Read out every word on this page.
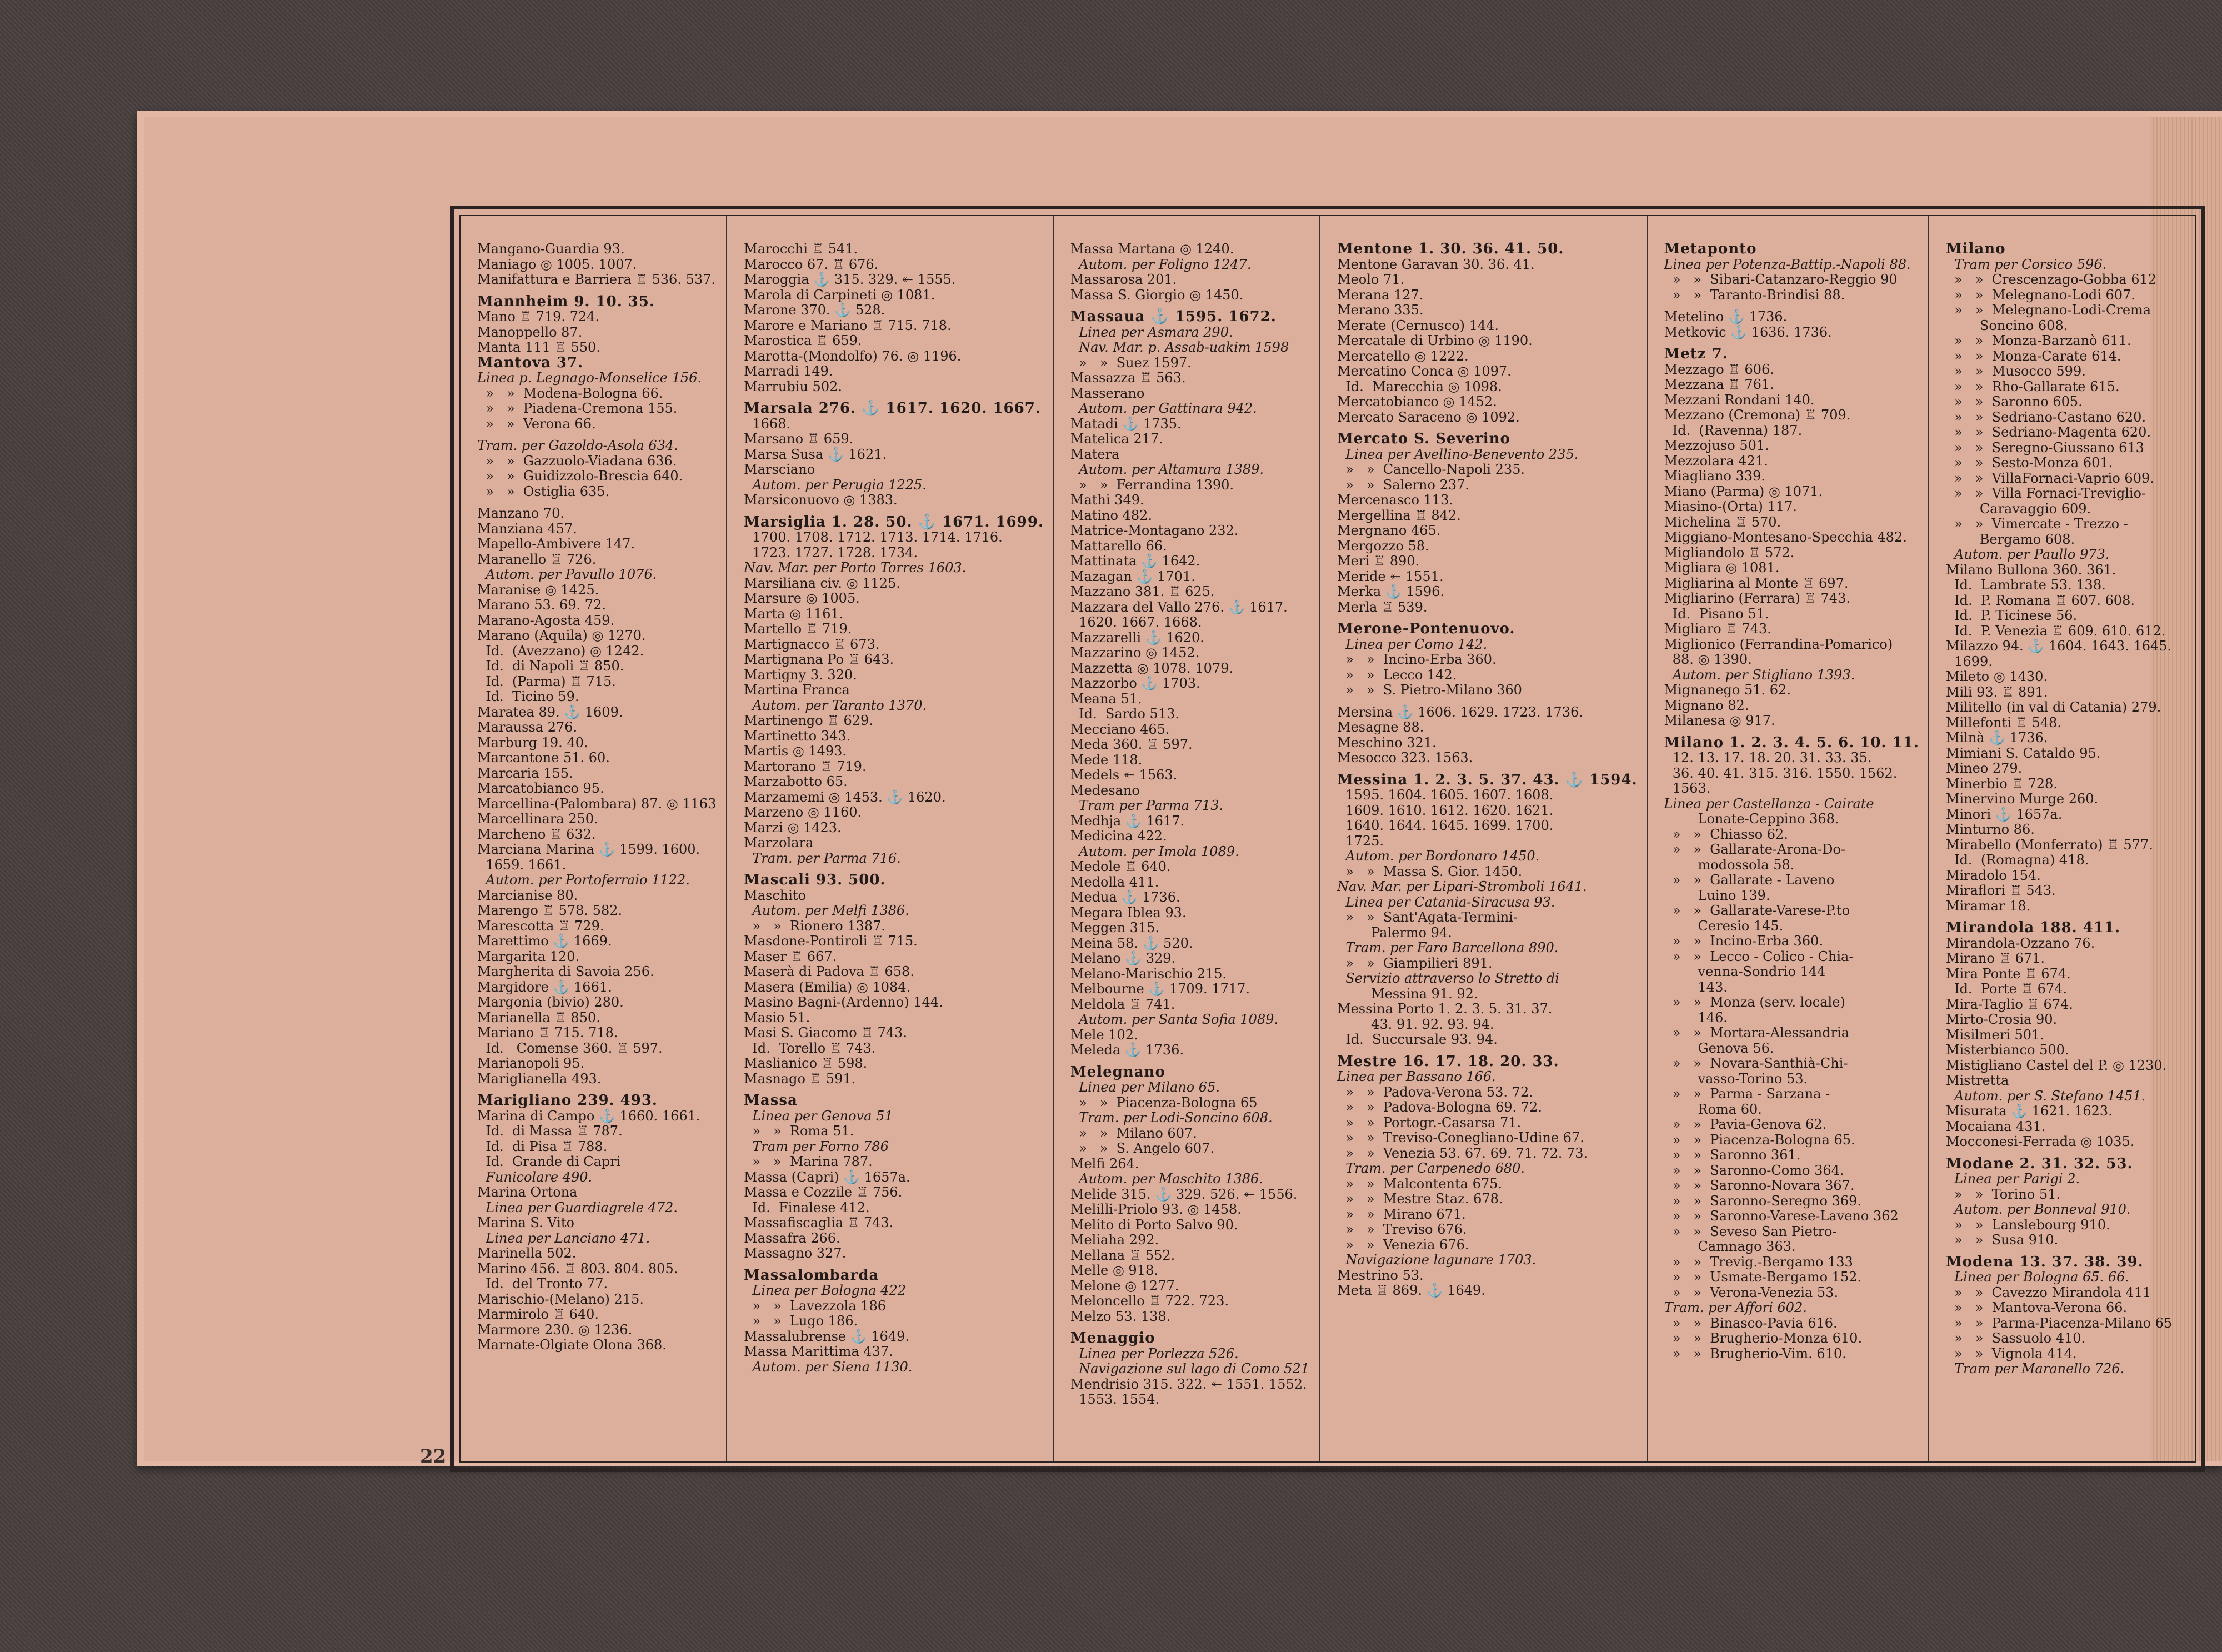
Mangano-Guardia 93.
Maniago ◎ 1005. 1007.
Manifattura e Barriera ♖ 536. 537.
Mannheim 9. 10. 35.
Mano ♖ 719. 724.
Manoppello 87.
Manta 111 ♖ 550.
Mantova 37.
Linea p. Legnago-Monselice 156.
»   »  Modena-Bologna 66.
»   »  Piadena-Cremona 155.
»   »  Verona 66.
Tram. per Gazoldo-Asola 634.
»   »  Gazzuolo-Viadana 636.
»   »  Guidizzolo-Brescia 640.
»   »  Ostiglia 635.
Manzano 70.
Manziana 457.
Mapello-Ambivere 147.
Maranello ♖ 726.
Autom. per Pavullo 1076.
Maranise ◎ 1425.
Marano 53. 69. 72.
Marano-Agosta 459.
Marano (Aquila) ◎ 1270.
Id.  (Avezzano) ◎ 1242.
Id.  di Napoli ♖ 850.
Id.  (Parma) ♖ 715.
Id.  Ticino 59.
Maratea 89. ⚓ 1609.
Maraussa 276.
Marburg 19. 40.
Marcantone 51. 60.
Marcaria 155.
Marcatobianco 95.
Marcellina-(Palombara) 87. ◎ 1163
Marcellinara 250.
Marcheno ♖ 632.
Marciana Marina ⚓ 1599. 1600.
1659. 1661.
Autom. per Portoferraio 1122.
Marcianise 80.
Marengo ♖ 578. 582.
Marescotta ♖ 729.
Marettimo ⚓ 1669.
Margarita 120.
Margherita di Savoia 256.
Margidore ⚓ 1661.
Margonia (bivio) 280.
Marianella ♖ 850.
Mariano ♖ 715. 718.
Id.   Comense 360. ♖ 597.
Marianopoli 95.
Mariglianella 493.
Marigliano 239. 493.
Marina di Campo ⚓ 1660. 1661.
Id.  di Massa ♖ 787.
Id.  di Pisa ♖ 788.
Id.  Grande di Capri
Funicolare 490.
Marina Ortona
Linea per Guardiagrele 472.
Marina S. Vito
Linea per Lanciano 471.
Marinella 502.
Marino 456. ♖ 803. 804. 805.
Id.  del Tronto 77.
Marischio-(Melano) 215.
Marmirolo ♖ 640.
Marmore 230. ◎ 1236.
Marnate-Olgiate Olona 368.
Marocchi ♖ 541.
Marocco 67. ♖ 676.
Maroggia ⚓ 315. 329. ↞ 1555.
Marola di Carpineti ◎ 1081.
Marone 370. ⚓ 528.
Marore e Mariano ♖ 715. 718.
Marostica ♖ 659.
Marotta-(Mondolfo) 76. ◎ 1196.
Marradi 149.
Marrubiu 502.
Marsala 276. ⚓ 1617. 1620. 1667.
1668.
Marsano ♖ 659.
Marsa Susa ⚓ 1621.
Marsciano
Autom. per Perugia 1225.
Marsiconuovo ◎ 1383.
Marsiglia 1. 28. 50. ⚓ 1671. 1699.
1700. 1708. 1712. 1713. 1714. 1716.
1723. 1727. 1728. 1734.
Nav. Mar. per Porto Torres 1603.
Marsiliana civ. ◎ 1125.
Marsure ◎ 1005.
Marta ◎ 1161.
Martello ♖ 719.
Martignacco ♖ 673.
Martignana Po ♖ 643.
Martigny 3. 320.
Martina Franca
Autom. per Taranto 1370.
Martinengo ♖ 629.
Martinetto 343.
Martis ◎ 1493.
Martorano ♖ 719.
Marzabotto 65.
Marzamemi ◎ 1453. ⚓ 1620.
Marzeno ◎ 1160.
Marzi ◎ 1423.
Marzolara
Tram. per Parma 716.
Mascali 93. 500.
Maschito
Autom. per Melfi 1386.
»   »  Rionero 1387.
Masdone-Pontiroli ♖ 715.
Maser ♖ 667.
Maserà di Padova ♖ 658.
Masera (Emilia) ◎ 1084.
Masino Bagni-(Ardenno) 144.
Masio 51.
Masi S. Giacomo ♖ 743.
Id.  Torello ♖ 743.
Maslianico ♖ 598.
Masnago ♖ 591.
Massa
Linea per Genova 51
»   »  Roma 51.
Tram per Forno 786
»   »  Marina 787.
Massa (Capri) ⚓ 1657a.
Massa e Cozzile ♖ 756.
Id.  Finalese 412.
Massafiscaglia ♖ 743.
Massafra 266.
Massagno 327.
Massalombarda
Linea per Bologna 422
»   »  Lavezzola 186
»   »  Lugo 186.
Massalubrense ⚓ 1649.
Massa Marittima 437.
Autom. per Siena 1130.
Massa Martana ◎ 1240.
Autom. per Foligno 1247.
Massarosa 201.
Massa S. Giorgio ◎ 1450.
Massaua ⚓ 1595. 1672.
Linea per Asmara 290.
Nav. Mar. p. Assab-uakim 1598
»   »  Suez 1597.
Massazza ♖ 563.
Masserano
Autom. per Gattinara 942.
Matadi ⚓ 1735.
Matelica 217.
Matera
Autom. per Altamura 1389.
»   »  Ferrandina 1390.
Mathi 349.
Matino 482.
Matrice-Montagano 232.
Mattarello 66.
Mattinata ⚓ 1642.
Mazagan ⚓ 1701.
Mazzano 381. ♖ 625.
Mazzara del Vallo 276. ⚓ 1617.
1620. 1667. 1668.
Mazzarelli ⚓ 1620.
Mazzarino ◎ 1452.
Mazzetta ◎ 1078. 1079.
Mazzorbo ⚓ 1703.
Meana 51.
Id.  Sardo 513.
Mecciano 465.
Meda 360. ♖ 597.
Mede 118.
Medels ↞ 1563.
Medesano
Tram per Parma 713.
Medhja ⚓ 1617.
Medicina 422.
Autom. per Imola 1089.
Medole ♖ 640.
Medolla 411.
Medua ⚓ 1736.
Megara Iblea 93.
Meggen 315.
Meina 58. ⚓ 520.
Melano ⚓ 329.
Melano-Marischio 215.
Melbourne ⚓ 1709. 1717.
Meldola ♖ 741.
Autom. per Santa Sofia 1089.
Mele 102.
Meleda ⚓ 1736.
Melegnano
Linea per Milano 65.
»   »  Piacenza-Bologna 65
Tram. per Lodi-Soncino 608.
»   »  Milano 607.
»   »  S. Angelo 607.
Melfi 264.
Autom. per Maschito 1386.
Melide 315. ⚓ 329. 526. ↞ 1556.
Melilli-Priolo 93. ◎ 1458.
Melito di Porto Salvo 90.
Meliaha 292.
Mellana ♖ 552.
Melle ◎ 918.
Melone ◎ 1277.
Meloncello ♖ 722. 723.
Melzo 53. 138.
Menaggio
Linea per Porlezza 526.
Navigazione sul lago di Como 521
Mendrisio 315. 322. ↞ 1551. 1552.
1553. 1554.
Mentone 1. 30. 36. 41. 50.
Mentone Garavan 30. 36. 41.
Meolo 71.
Merana 127.
Merano 335.
Merate (Cernusco) 144.
Mercatale di Urbino ◎ 1190.
Mercatello ◎ 1222.
Mercatino Conca ◎ 1097.
Id.  Marecchia ◎ 1098.
Mercatobianco ◎ 1452.
Mercato Saraceno ◎ 1092.
Mercato S. Severino
Linea per Avellino-Benevento 235.
»   »  Cancello-Napoli 235.
»   »  Salerno 237.
Mercenasco 113.
Mergellina ♖ 842.
Mergnano 465.
Mergozzo 58.
Meri ♖ 890.
Meride ↞ 1551.
Merka ⚓ 1596.
Merla ♖ 539.
Merone-Pontenuovo.
Linea per Como 142.
»   »  Incino-Erba 360.
»   »  Lecco 142.
»   »  S. Pietro-Milano 360
Mersina ⚓ 1606. 1629. 1723. 1736.
Mesagne 88.
Meschino 321.
Mesocco 323. 1563.
Messina 1. 2. 3. 5. 37. 43. ⚓ 1594.
1595. 1604. 1605. 1607. 1608.
1609. 1610. 1612. 1620. 1621.
1640. 1644. 1645. 1699. 1700.
1725.
Autom. per Bordonaro 1450.
»   »  Massa S. Gior. 1450.
Nav. Mar. per Lipari-Stromboli 1641.
Linea per Catania-Siracusa 93.
»   »  Sant'Agata-Termini-
Palermo 94.
Tram. per Faro Barcellona 890.
»   »  Giampilieri 891.
Servizio attraverso lo Stretto di
Messina 91. 92.
Messina Porto 1. 2. 3. 5. 31. 37.
43. 91. 92. 93. 94.
Id.  Succursale 93. 94.
Mestre 16. 17. 18. 20. 33.
Linea per Bassano 166.
»   »  Padova-Verona 53. 72.
»   »  Padova-Bologna 69. 72.
»   »  Portogr.-Casarsa 71.
»   »  Treviso-Conegliano-Udine 67.
»   »  Venezia 53. 67. 69. 71. 72. 73.
Tram. per Carpenedo 680.
»   »  Malcontenta 675.
»   »  Mestre Staz. 678.
»   »  Mirano 671.
»   »  Treviso 676.
»   »  Venezia 676.
Navigazione lagunare 1703.
Mestrino 53.
Meta ♖ 869. ⚓ 1649.
Metaponto
Linea per Potenza-Battip.-Napoli 88.
»   »  Sibari-Catanzaro-Reggio 90
»   »  Taranto-Brindisi 88.
Metelino ⚓ 1736.
Metkovic ⚓ 1636. 1736.
Metz 7.
Mezzago ♖ 606.
Mezzana ♖ 761.
Mezzani Rondani 140.
Mezzano (Cremona) ♖ 709.
Id.  (Ravenna) 187.
Mezzojuso 501.
Mezzolara 421.
Miagliano 339.
Miano (Parma) ◎ 1071.
Miasino-(Orta) 117.
Michelina ♖ 570.
Miggiano-Montesano-Specchia 482.
Migliandolo ♖ 572.
Migliara ◎ 1081.
Migliarina al Monte ♖ 697.
Migliarino (Ferrara) ♖ 743.
Id.  Pisano 51.
Migliaro ♖ 743.
Miglionico (Ferrandina-Pomarico)
88. ◎ 1390.
Autom. per Stigliano 1393.
Mignanego 51. 62.
Mignano 82.
Milanesa ◎ 917.
Milano 1. 2. 3. 4. 5. 6. 10. 11.
12. 13. 17. 18. 20. 31. 33. 35.
36. 40. 41. 315. 316. 1550. 1562.
1563.
Linea per Castellanza - Cairate
Lonate-Ceppino 368.
»   »  Chiasso 62.
»   »  Gallarate-Arona-Do-
modossola 58.
»   »  Gallarate - Laveno
Luino 139.
»   »  Gallarate-Varese-P.to
Ceresio 145.
»   »  Incino-Erba 360.
»   »  Lecco - Colico - Chia-
venna-Sondrio 144
143.
»   »  Monza (serv. locale)
146.
»   »  Mortara-Alessandria
Genova 56.
»   »  Novara-Santhià-Chi-
vasso-Torino 53.
»   »  Parma - Sarzana -
Roma 60.
»   »  Pavia-Genova 62.
»   »  Piacenza-Bologna 65.
»   »  Saronno 361.
»   »  Saronno-Como 364.
»   »  Saronno-Novara 367.
»   »  Saronno-Seregno 369.
»   »  Saronno-Varese-Laveno 362
»   »  Seveso San Pietro-
Camnago 363.
»   »  Trevig.-Bergamo 133
»   »  Usmate-Bergamo 152.
»   »  Verona-Venezia 53.
Tram. per Affori 602.
»   »  Binasco-Pavia 616.
»   »  Brugherio-Monza 610.
»   »  Brugherio-Vim. 610.
Milano
Tram per Corsico 596.
»   »  Crescenzago-Gobba 612
»   »  Melegnano-Lodi 607.
»   »  Melegnano-Lodi-Crema
Soncino 608.
»   »  Monza-Barzanò 611.
»   »  Monza-Carate 614.
»   »  Musocco 599.
»   »  Rho-Gallarate 615.
»   »  Saronno 605.
»   »  Sedriano-Castano 620.
»   »  Sedriano-Magenta 620.
»   »  Seregno-Giussano 613
»   »  Sesto-Monza 601.
»   »  VillaFornaci-Vaprio 609.
»   »  Villa Fornaci-Treviglio-
Caravaggio 609.
»   »  Vimercate - Trezzo -
Bergamo 608.
Autom. per Paullo 973.
Milano Bullona 360. 361.
Id.  Lambrate 53. 138.
Id.  P. Romana ♖ 607. 608.
Id.  P. Ticinese 56.
Id.  P. Venezia ♖ 609. 610. 612.
Milazzo 94. ⚓ 1604. 1643. 1645.
1699.
Mileto ◎ 1430.
Mili 93. ♖ 891.
Militello (in val di Catania) 279.
Millefonti ♖ 548.
Milnà ⚓ 1736.
Mimiani S. Cataldo 95.
Mineo 279.
Minerbio ♖ 728.
Minervino Murge 260.
Minori ⚓ 1657a.
Minturno 86.
Mirabello (Monferrato) ♖ 577.
Id.  (Romagna) 418.
Miradolo 154.
Miraflori ♖ 543.
Miramar 18.
Mirandola 188. 411.
Mirandola-Ozzano 76.
Mirano ♖ 671.
Mira Ponte ♖ 674.
Id.  Porte ♖ 674.
Mira-Taglio ♖ 674.
Mirto-Crosia 90.
Misilmeri 501.
Misterbianco 500.
Mistigliano Castel del P. ◎ 1230.
Mistretta
Autom. per S. Stefano 1451.
Misurata ⚓ 1621. 1623.
Mocaiana 431.
Mocconesi-Ferrada ◎ 1035.
Modane 2. 31. 32. 53.
Linea per Parigi 2.
»   »  Torino 51.
Autom. per Bonneval 910.
»   »  Lanslebourg 910.
»   »  Susa 910.
Modena 13. 37. 38. 39.
Linea per Bologna 65. 66.
»   »  Cavezzo Mirandola 411
»   »  Mantova-Verona 66.
»   »  Parma-Piacenza-Milano 65
»   »  Sassuolo 410.
»   »  Vignola 414.
Tram per Maranello 726.
22
